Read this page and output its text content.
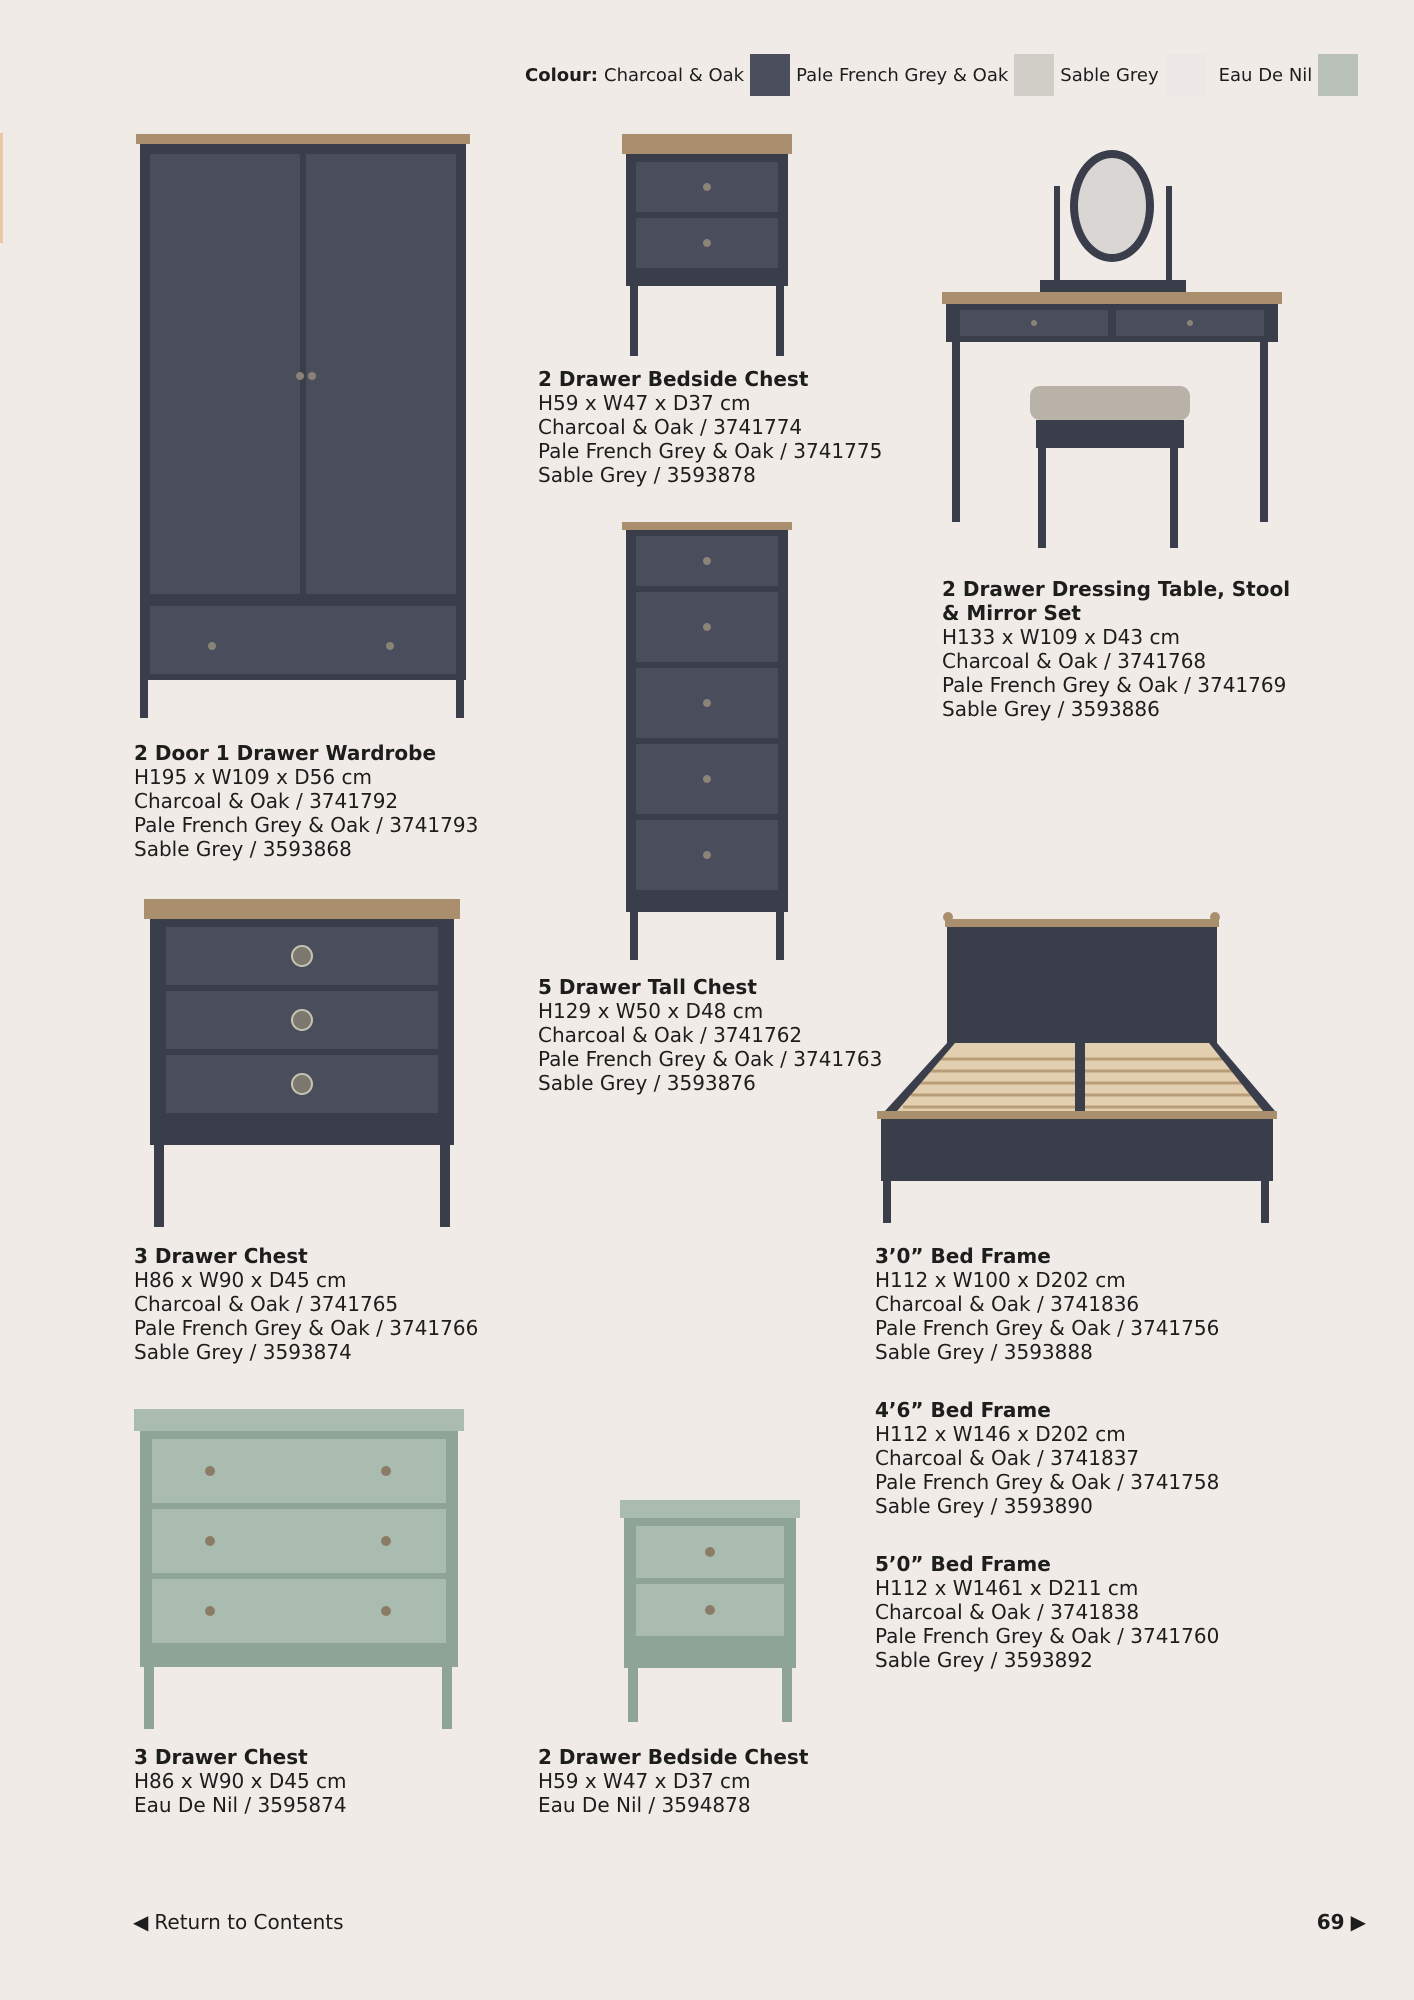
Colour: Charcoal & Oak	Pale French Grey & Oak	Sable Grey	Eau De Nil
2 Door 1 Drawer Wardrobe
H195 x W109 x D56 cm
Charcoal & Oak / 3741792
Pale French Grey & Oak / 3741793
Sable Grey / 3593868
2 Drawer Bedside Chest
H59 x W47 x D37 cm
Charcoal & Oak / 3741774
Pale French Grey & Oak / 3741775
Sable Grey / 3593878
2 Drawer Dressing Table, Stool
& Mirror Set
H133 x W109 x D43 cm
Charcoal & Oak / 3741768
Pale French Grey & Oak / 3741769
Sable Grey / 3593886
5 Drawer Tall Chest
H129 x W50 x D48 cm
Charcoal & Oak / 3741762
Pale French Grey & Oak / 3741763
Sable Grey / 3593876
3 Drawer Chest
H86 x W90 x D45 cm
Charcoal & Oak / 3741765
Pale French Grey & Oak / 3741766
Sable Grey / 3593874
3’0” Bed Frame
H112 x W100 x D202 cm
Charcoal & Oak / 3741836
Pale French Grey & Oak / 3741756
Sable Grey / 3593888
4’6” Bed Frame
H112 x W146 x D202 cm
Charcoal & Oak / 3741837
Pale French Grey & Oak / 3741758
Sable Grey / 3593890
5’0” Bed Frame
H112 x W1461 x D211 cm
Charcoal & Oak / 3741838
Pale French Grey & Oak / 3741760
Sable Grey / 3593892
3 Drawer Chest
H86 x W90 x D45 cm
Eau De Nil / 3595874
2 Drawer Bedside Chest
H59 x W47 x D37 cm
Eau De Nil / 3594878
◀ Return to Contents	69 ▶
